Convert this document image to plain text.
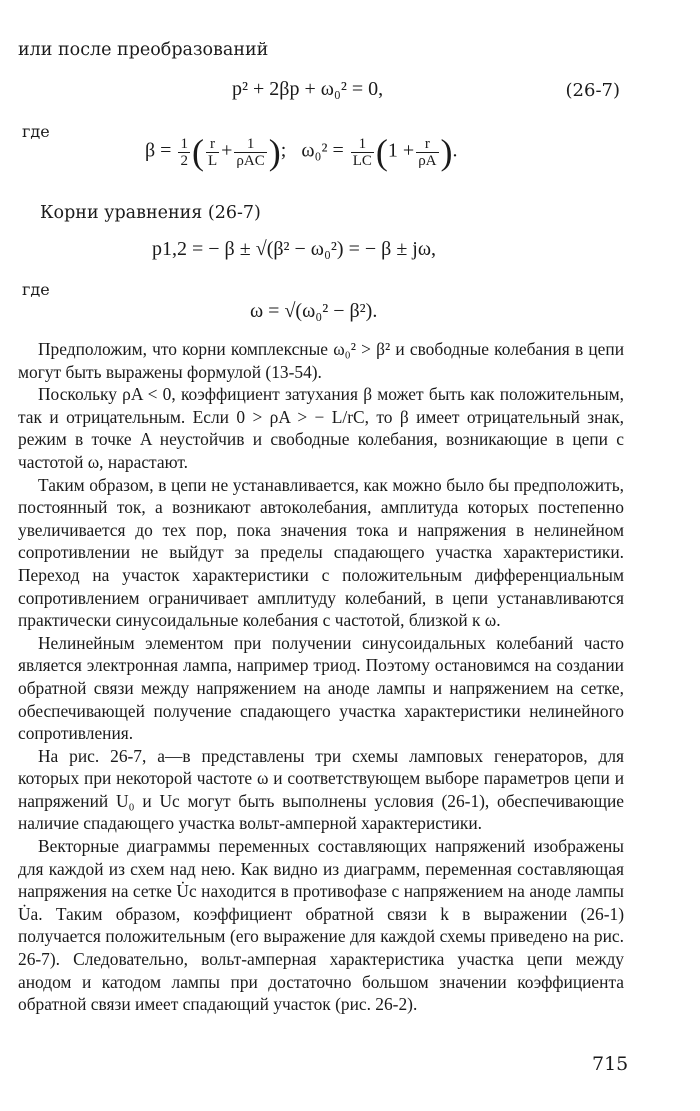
или после преобразований
p² + 2βp + ω₀² = 0,	(26-7)
где
$\beta = \frac{1}{2}$ ( $\frac{r}{L} + \frac{1}{\text{ρAC}}$ );   $\omega_0^2 = \frac{1}{LC} (1 + \frac{r}{\rho A}$ ).
Корни уравнения (26-7)
p1,2 = − β ± √(β² − ω₀²) = − β ± jω,
где
ω = √(ω₀² − β²).

Предположим, что корни комплексные ω₀² > β² и свободные колебания в цепи могут быть выражены формулой (13-54).

Поскольку ρA < 0, коэффициент затухания β может быть как положительным, так и отрицательным. Если 0 > ρA > − L/rC, то β имеет отрицательный знак, режим в точке A неустойчив и свободные колебания, возникающие в цепи с частотой ω, нарастают.

Таким образом, в цепи не устанавливается, как можно было бы предположить, постоянный ток, а возникают автоколебания, амплитуда которых постепенно увеличивается до тех пор, пока значения тока и напряжения в нелинейном сопротивлении не выйдут за пределы спадающего участка характеристики. Переход на участок характеристики с положительным дифференциальным сопротивлением ограничивает амплитуду колебаний, в цепи устанавливаются практически синусоидальные колебания с частотой, близкой к ω.

Нелинейным элементом при получении синусоидальных колебаний часто является электронная лампа, например триод. Поэтому остановимся на создании обратной связи между напряжением на аноде лампы и напряжением на сетке, обеспечивающей получение спадающего участка характеристики нелинейного сопротивления.

На рис. 26-7, а—в представлены три схемы ламповых генераторов, для которых при некоторой частоте ω и соответствующем выборе параметров цепи и напряжений U₀ и Uс могут быть выполнены условия (26-1), обеспечивающие наличие спадающего участка вольт-амперной характеристики.

Векторные диаграммы переменных составляющих напряжений изображены для каждой из схем над нею. Как видно из диаграмм, переменная составляющая напряжения на сетке U̇с находится в противофазе с напряжением на аноде лампы U̇а. Таким образом, коэффициент обратной связи k в выражении (26-1) получается положительным (его выражение для каждой схемы приведено на рис. 26-7). Следовательно, вольт-амперная характеристика участка цепи между анодом и катодом лампы при достаточно большом значении коэффициента обратной связи имеет спадающий участок (рис. 26-2).

715
